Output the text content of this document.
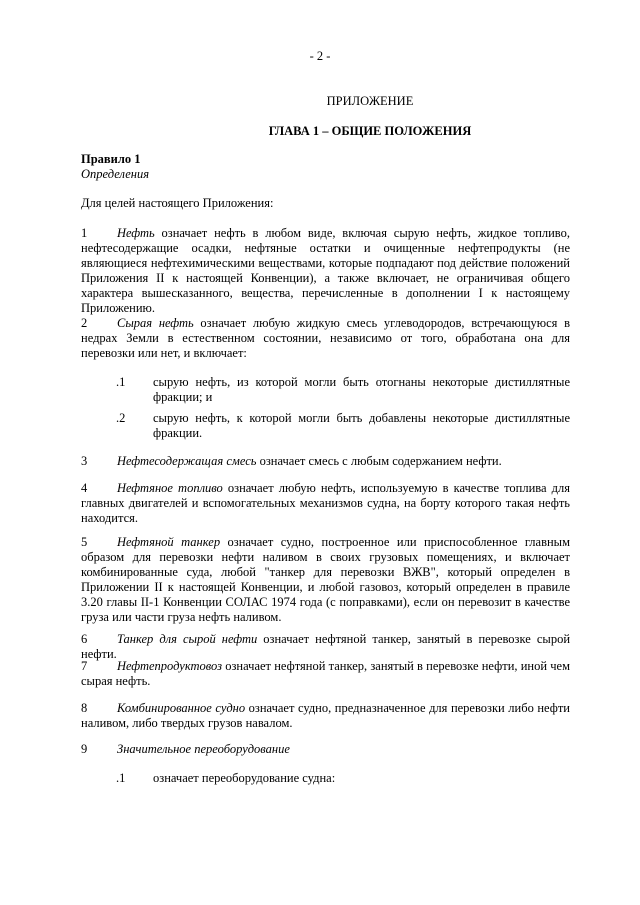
- 2 -
ПРИЛОЖЕНИЕ
ГЛАВА 1 – ОБЩИЕ ПОЛОЖЕНИЯ
Правило 1
Определения
Для целей настоящего Приложения:

1 Нефть означает нефть в любом виде, включая сырую нефть, жидкое топливо, нефтесодержащие осадки, нефтяные остатки и очищенные нефтепродукты (не являющиеся нефтехимическими веществами, которые подпадают под действие положений Приложения II к настоящей Конвенции), а также включает, не ограничивая общего характера вышесказанного, вещества, перечисленные в дополнении I к настоящему Приложению.

2 Сырая нефть означает любую жидкую смесь углеводородов, встречающуюся в недрах Земли в естественном состоянии, независимо от того, обработана она для перевозки или нет, и включает:

.1 сырую нефть, из которой могли быть отогнаны некоторые дистиллятные фракции; и
.2 сырую нефть, к которой могли быть добавлены некоторые дистиллятные фракции.

3 Нефтесодержащая смесь означает смесь с любым содержанием нефти.

4 Нефтяное топливо означает любую нефть, используемую в качестве топлива для главных двигателей и вспомогательных механизмов судна, на борту которого такая нефть находится.

5 Нефтяной танкер означает судно, построенное или приспособленное главным образом для перевозки нефти наливом в своих грузовых помещениях, и включает комбинированные суда, любой "танкер для перевозки ВЖВ", который определен в Приложении II к настоящей Конвенции, и любой газовоз, который определен в правиле 3.20 главы II-1 Конвенции СОЛАС 1974 года (с поправками), если он перевозит в качестве груза или части груза нефть наливом.

6 Танкер для сырой нефти означает нефтяной танкер, занятый в перевозке сырой нефти.

7 Нефтепродуктовоз означает нефтяной танкер, занятый в перевозке нефти, иной чем сырая нефть.

8 Комбинированное судно означает судно, предназначенное для перевозки либо нефти наливом, либо твердых грузов навалом.

9 Значительное переоборудование

.1 означает переоборудование судна:
